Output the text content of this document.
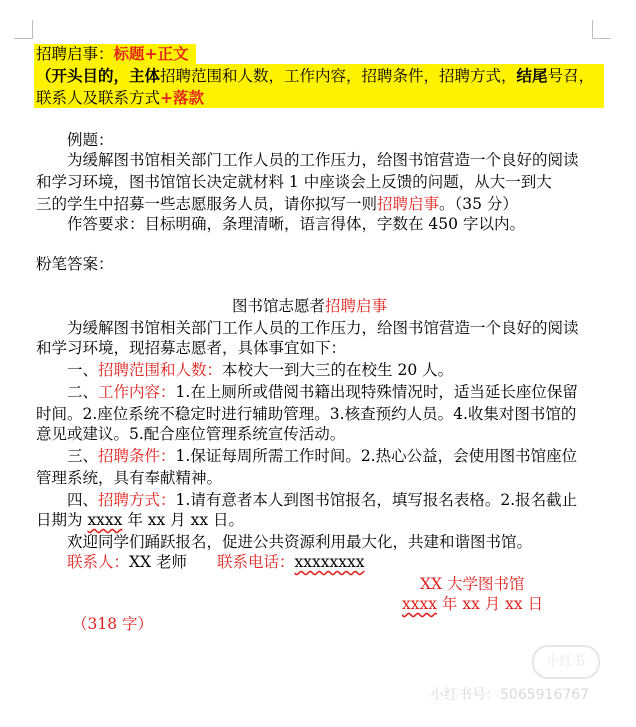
招聘启事：标题+正文
（开头目的，主体招聘范围和人数，工作内容，招聘条件，招聘方式，结尾号召，
联系人及联系方式+落款
例题：
为缓解图书馆相关部门工作人员的工作压力，给图书馆营造一个良好的阅读
和学习环境，图书馆馆长决定就材料 1 中座谈会上反馈的问题，从大一到大
三的学生中招募一些志愿服务人员，请你拟写一则招聘启事。（35 分）
作答要求：目标明确，条理清晰，语言得体，字数在 450 字以内。
粉笔答案：
图书馆志愿者招聘启事
为缓解图书馆相关部门工作人员的工作压力，给图书馆营造一个良好的阅读
和学习环境，现招募志愿者，具体事宜如下：
一、招聘范围和人数：本校大一到大三的在校生 20 人。
二、工作内容：1.在上厕所或借阅书籍出现特殊情况时，适当延长座位保留
时间。2.座位系统不稳定时进行辅助管理。3.核查预约人员。4.收集对图书馆的
意见或建议。5.配合座位管理系统宣传活动。
三、招聘条件：1.保证每周所需工作时间。2.热心公益，会使用图书馆座位
管理系统，具有奉献精神。
四、招聘方式：1.请有意者本人到图书馆报名，填写报名表格。2.报名截止
日期为 xxxx 年 xx 月 xx 日。
欢迎同学们踊跃报名，促进公共资源利用最大化，共建和谐图书馆。
联系人：XX 老师 联系电话：xxxxxxxx
XX 大学图书馆
xxxx 年 xx 月 xx 日
（318 字）
小红书
小红书号：5065916767
